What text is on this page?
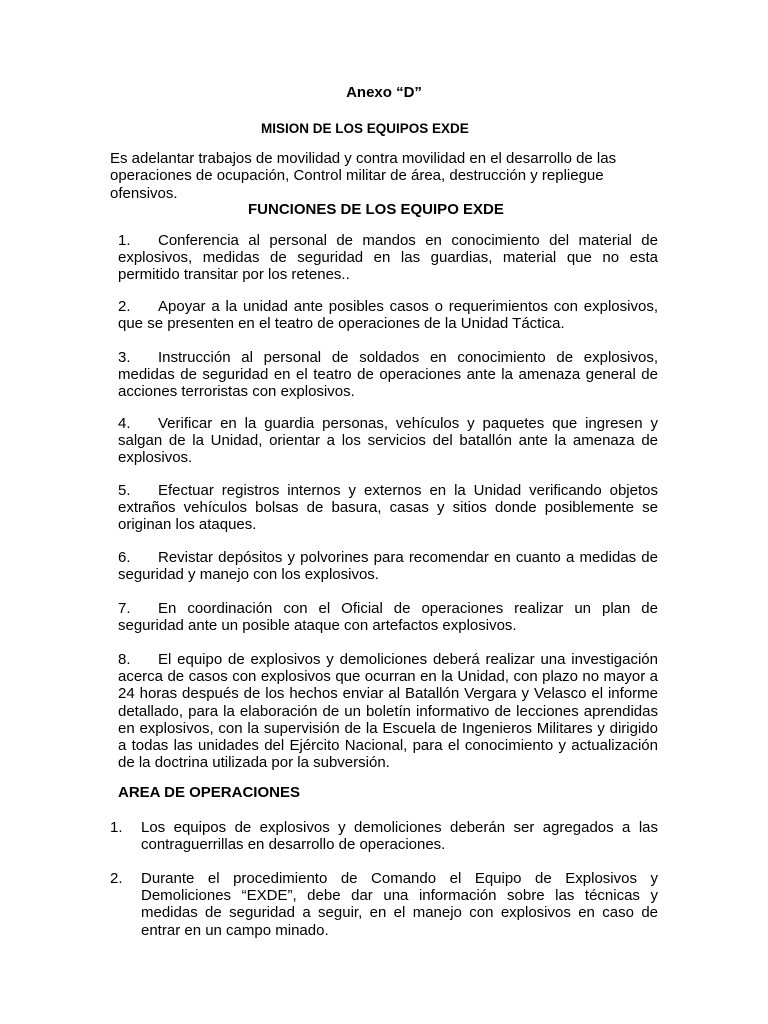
Anexo “D”
MISION DE LOS EQUIPOS EXDE
Es adelantar trabajos de movilidad y contra movilidad en el desarrollo de las operaciones de ocupación, Control militar de área, destrucción y repliegue ofensivos.
FUNCIONES DE LOS EQUIPO EXDE
1. Conferencia al personal de mandos en conocimiento del material de explosivos, medidas de seguridad en las guardias, material que no esta permitido transitar por los retenes..
2. Apoyar a la unidad ante posibles casos o requerimientos con explosivos, que se presenten en el teatro de operaciones de la Unidad Táctica.
3. Instrucción al personal de soldados en conocimiento de explosivos, medidas de seguridad en el teatro de operaciones ante la amenaza general de acciones terroristas con explosivos.
4. Verificar en la guardia personas, vehículos y paquetes que ingresen y salgan de la Unidad, orientar a los servicios del batallón ante la amenaza de explosivos.
5. Efectuar registros internos y externos en la Unidad verificando objetos extraños vehículos bolsas de basura, casas y sitios donde posiblemente se originan los ataques.
6. Revistar depósitos y polvorines para recomendar en cuanto a medidas de seguridad y manejo con los explosivos.
7. En coordinación con el Oficial de operaciones realizar un plan de seguridad ante un posible ataque con artefactos explosivos.
8. El equipo de explosivos y demoliciones deberá realizar una investigación acerca de casos con explosivos que ocurran en la Unidad, con plazo no mayor a 24 horas después de los hechos enviar al Batallón Vergara y Velasco el informe detallado, para la elaboración de un boletín informativo de lecciones aprendidas en explosivos, con la supervisión de la Escuela de Ingenieros Militares y dirigido a todas las unidades del Ejército Nacional, para el conocimiento y actualización de la doctrina utilizada por la subversión.
AREA DE OPERACIONES
1. Los equipos de explosivos y demoliciones deberán ser agregados a las contraguerrillas en desarrollo de operaciones.
2. Durante el procedimiento de Comando el Equipo de Explosivos y Demoliciones “EXDE”, debe dar una información sobre las técnicas y medidas de seguridad a seguir, en el manejo con explosivos en caso de entrar en un campo minado.
